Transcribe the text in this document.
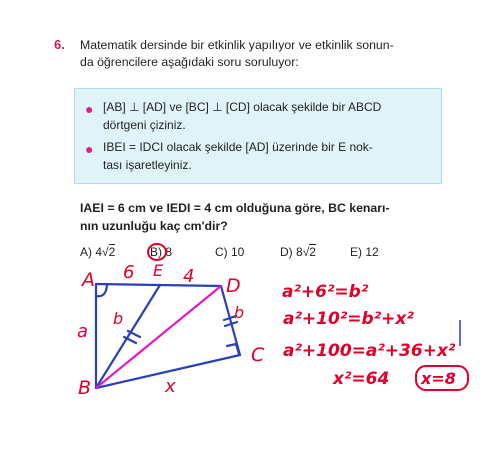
6. Matematik dersinde bir etkinlik yapılıyor ve etkinlik sonun-
da öğrencilere aşağıdaki soru soruluyor:
● [AB] ⊥ [AD] ve [BC] ⊥ [CD] olacak şekilde bir ABCD
dörtgeni çiziniz.
● IBEI = IDCI olacak şekilde [AD] üzerinde bir E nok-
tası işaretleyiniz.
IAEI = 6 cm ve IEDI = 4 cm olduğuna göre, BC kenarı-
nın uzunluğu kaç cm'dir?
A) 4√2	B) 8	C) 10	D) 8√2	E) 12
A
B
C
D
E
6	4
a
b	b
x
a²+6²=b²
a²+10²=b²+x²
a²+100=a²+36+x²
x²=64 x=8
